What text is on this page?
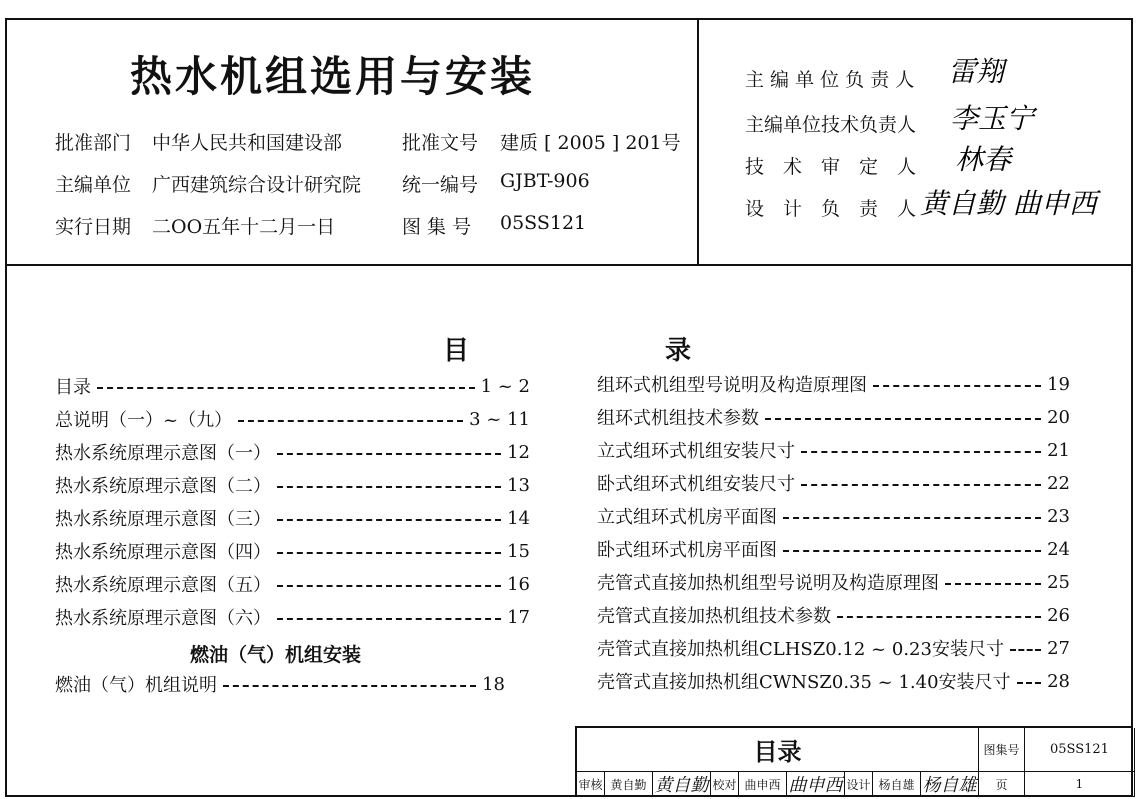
热水机组选用与安装
批准部门 中华人民共和国建设部	批准文号 建质 [ 2005 ] 201号
主编单位 广西建筑综合设计研究院 统一编号 GJBT-906
实行日期 二OO五年十二月一日	图 集 号 05SS121
主 编 单 位 负 责 人 雷翔
主编单位技术负责人 李玉宁
技　术　审　定　人 林春
设　计　负　责　人 黄自勤 曲申西
目	录
目录	1 ~ 2
总说明（一）~（九）	3 ~ 11
热水系统原理示意图（一）	12
热水系统原理示意图（二）	13
热水系统原理示意图（三）	14
热水系统原理示意图（四）	15
热水系统原理示意图（五）	16
热水系统原理示意图（六）	17
燃油（气）机组安装
燃油（气）机组说明	18
组环式机组型号说明及构造原理图	19
组环式机组技术参数	20
立式组环式机组安装尺寸	21
卧式组环式机组安装尺寸	22
立式组环式机房平面图	23
卧式组环式机房平面图	24
壳管式直接加热机组型号说明及构造原理图	25
壳管式直接加热机组技术参数	26
壳管式直接加热机组CLHSZ0.12 ~ 0.23安装尺寸 27
壳管式直接加热机组CWNSZ0.35 ~ 1.40安装尺寸 28
目录	图集号	05SS121
审核 黄自勤 黄自勤 校对 曲申西 曲申西 设计 杨自雄 杨自雄	页	1
